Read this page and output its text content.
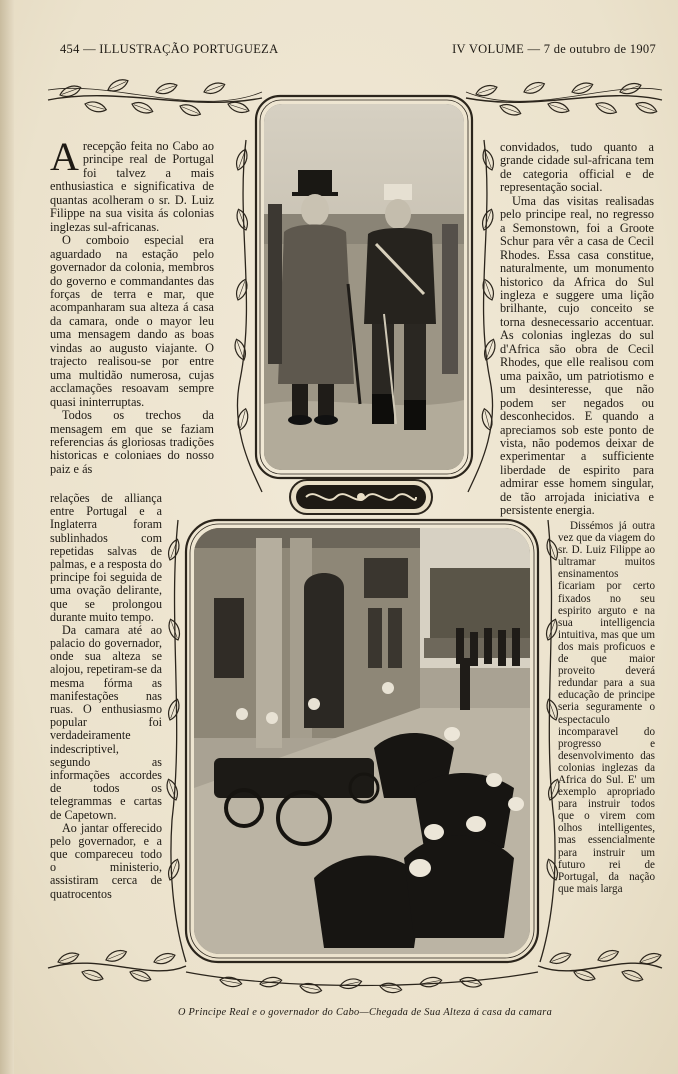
454 — ILLUSTRAÇÃO PORTUGUEZA	IV VOLUME — 7 de outubro de 1907

Arecepção feita no Cabo ao principe real de Portugal foi talvez a mais enthusiastica e significativa de quantas acolheram o sr. D. Luiz Filippe na sua visita ás colonias inglezas sul-africanas.

O comboio especial era aguardado na estação pelo governador da colonia, membros do governo e commandantes das forças de terra e mar, que acompanharam sua alteza á casa da camara, onde o mayor leu uma mensagem dando as boas vindas ao augusto viajante. O trajecto realisou-se por entre uma multidão numerosa, cujas acclamações resoavam sempre quasi ininterruptas.

Todos os trechos da mensagem em que se faziam referencias ás gloriosas tradições historicas e coloniaes do nosso paiz e ás

relações de alliança entre Portugal e a Inglaterra foram sublinhados com repetidas salvas de palmas, e a resposta do principe foi seguida de uma ovação delirante, que se prolongou durante muito tempo.

Da camara até ao palacio do governador, onde sua alteza se alojou, repetiram-se da mesma fórma as manifestações nas ruas. O enthusiasmo popular foi verdadeiramente indescriptivel, segundo as informações accordes de todos os telegrammas e cartas de Capetown.

Ao jantar offerecido pelo governador, e a que compareceu todo o ministerio, assistiram cerca de quatrocentos

convidados, tudo quanto a grande cidade sul-africana tem de categoria official e de representação social.

Uma das visitas realisadas pelo principe real, no regresso a Semonstown, foi a Groote Schur para vêr a casa de Cecil Rhodes. Essa casa constitue, naturalmente, um monumento historico da Africa do Sul ingleza e suggere uma lição brilhante, cujo conceito se torna desnecessario accentuar. As colonias inglezas do sul d'Africa são obra de Cecil Rhodes, que elle realisou com uma paixão, um patriotismo e um desinteresse, que não podem ser negados ou desconhecidos. E quando a apreciamos sob este ponto de vista, não podemos deixar de experimentar a sufficiente liberdade de espirito para admirar esse homem singular, de tão arrojada iniciativa e persistente energia.

Dissémos já outra vez que da viagem do sr. D. Luiz Filippe ao ultramar muitos ensinamentos ficariam por certo fixados no seu espirito arguto e na sua intelligencia intuitiva, mas que um dos mais proficuos e de que maior proveito deverá redundar para a sua educação de principe seria seguramente o espectaculo incomparavel do progresso e desenvolvimento das colonias inglezas da Africa do Sul. E' um exemplo apropriado para instruir todos que o virem com olhos intelligentes, mas essencialmente para instruir um futuro rei de Portugal, da nação que mais larga

O Principe Real e o governador do Cabo—Chegada de Sua Alteza á casa da camara
